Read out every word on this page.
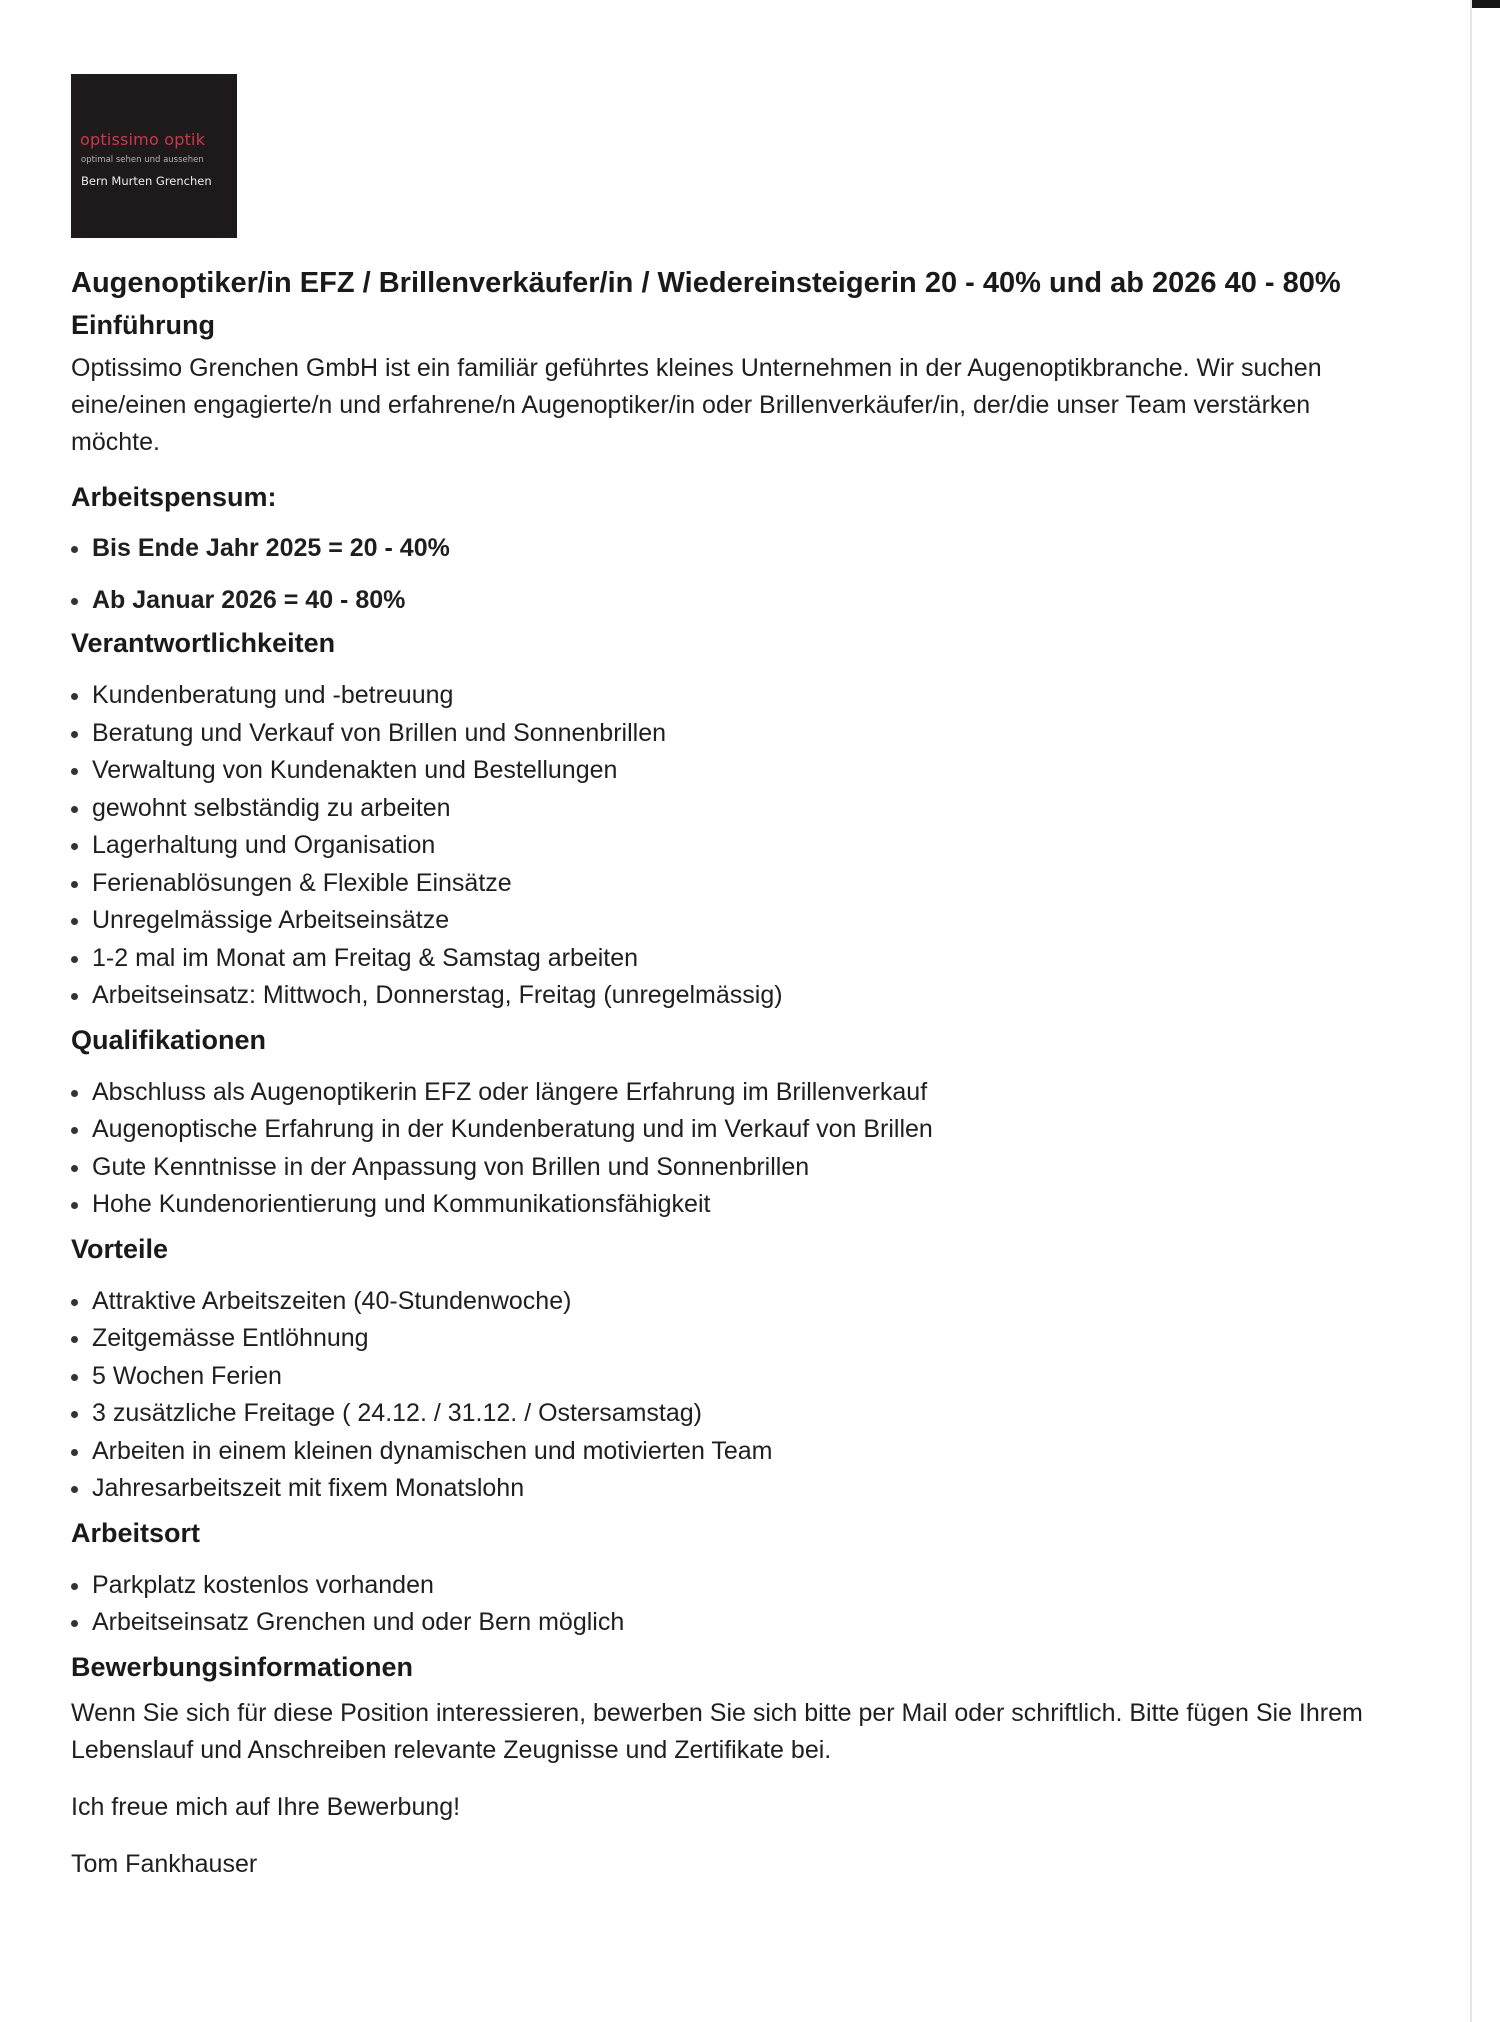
optissimo optik
optimal sehen und aussehen
Bern Murten Grenchen
Augenoptiker/in EFZ / Brillenverkäufer/in / Wiedereinsteigerin 20 - 40% und ab 2026 40 - 80%
Einführung

Optissimo Grenchen GmbH ist ein familiär geführtes kleines Unternehmen in der Augenoptikbranche. Wir suchen eine/einen engagierte/n und erfahrene/n Augenoptiker/in oder Brillenverkäufer/in, der/die unser Team verstärken möchte.

Arbeitspensum:
Bis Ende Jahr 2025 = 20 - 40%
Ab Januar 2026 = 40 - 80%
Verantwortlichkeiten
Kundenberatung und -betreuung
Beratung und Verkauf von Brillen und Sonnenbrillen
Verwaltung von Kundenakten und Bestellungen
gewohnt selbständig zu arbeiten
Lagerhaltung und Organisation
Ferienablösungen & Flexible Einsätze
Unregelmässige Arbeitseinsätze
1-2 mal im Monat am Freitag & Samstag arbeiten
Arbeitseinsatz: Mittwoch, Donnerstag, Freitag (unregelmässig)
Qualifikationen
Abschluss als Augenoptikerin EFZ oder längere Erfahrung im Brillenverkauf
Augenoptische Erfahrung in der Kundenberatung und im Verkauf von Brillen
Gute Kenntnisse in der Anpassung von Brillen und Sonnenbrillen
Hohe Kundenorientierung und Kommunikationsfähigkeit
Vorteile
Attraktive Arbeitszeiten (40-Stundenwoche)
Zeitgemässe Entlöhnung
5 Wochen Ferien
3 zusätzliche Freitage ( 24.12. / 31.12. / Ostersamstag)
Arbeiten in einem kleinen dynamischen und motivierten Team
Jahresarbeitszeit mit fixem Monatslohn
Arbeitsort
Parkplatz kostenlos vorhanden
Arbeitseinsatz Grenchen und oder Bern möglich
Bewerbungsinformationen

Wenn Sie sich für diese Position interessieren, bewerben Sie sich bitte per Mail oder schriftlich. Bitte fügen Sie Ihrem Lebenslauf und Anschreiben relevante Zeugnisse und Zertifikate bei.

Ich freue mich auf Ihre Bewerbung!

Tom Fankhauser
